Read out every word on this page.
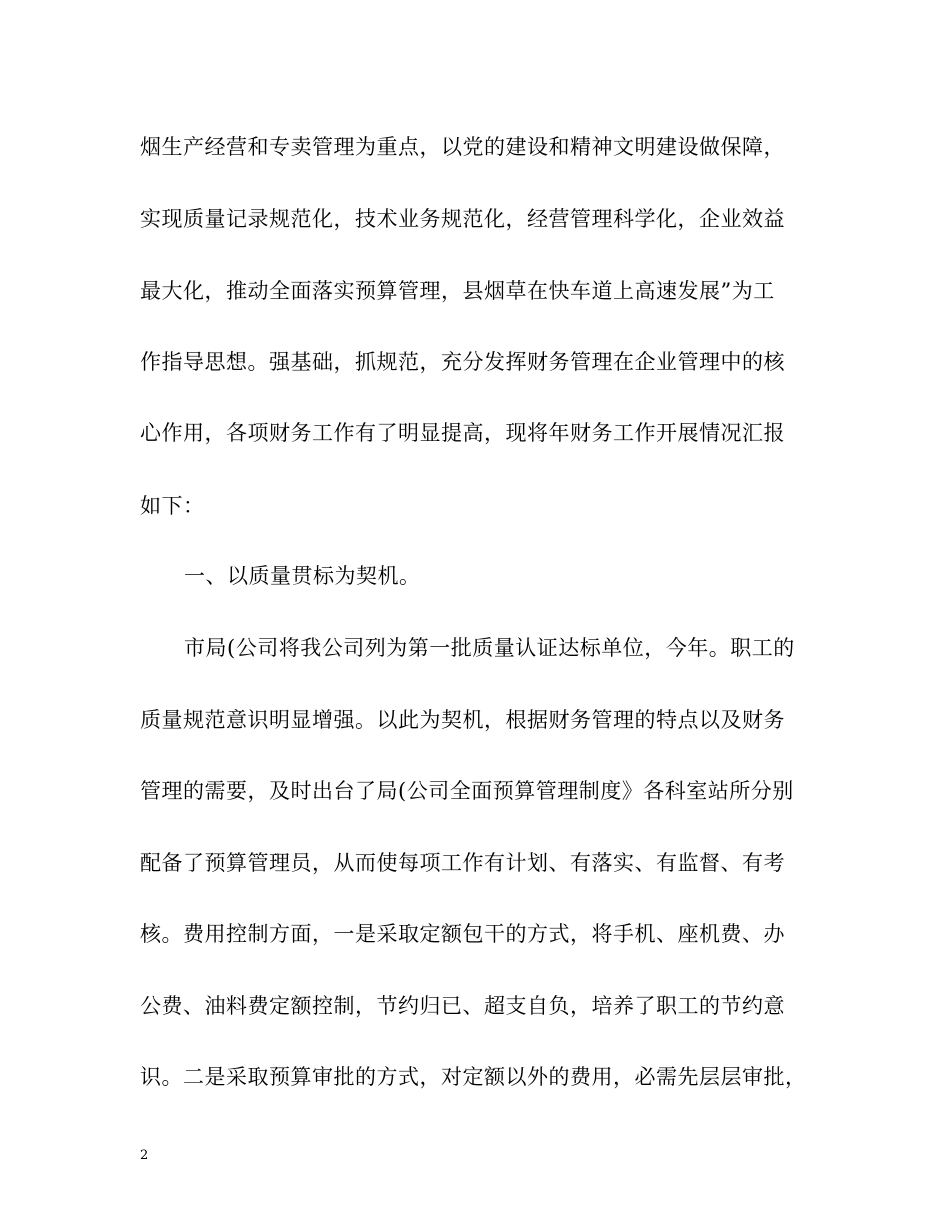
烟生产经营和专卖管理为重点，以党的建设和精神文明建设做保障，
实现质量记录规范化，技术业务规范化，经营管理科学化，企业效益
最大化，推动全面落实预算管理，县烟草在快车道上高速发展”为工
作指导思想。强基础，抓规范，充分发挥财务管理在企业管理中的核
心作用，各项财务工作有了明显提高，现将年财务工作开展情况汇报
如下：
一、以质量贯标为契机。
市局(公司将我公司列为第一批质量认证达标单位，今年。职工的
质量规范意识明显增强。以此为契机，根据财务管理的特点以及财务
管理的需要，及时出台了局(公司全面预算管理制度》各科室站所分别
配备了预算管理员，从而使每项工作有计划、有落实、有监督、有考
核。费用控制方面，一是采取定额包干的方式，将手机、座机费、办
公费、油料费定额控制，节约归已、超支自负，培养了职工的节约意
识。二是采取预算审批的方式，对定额以外的费用，必需先层层审批，
2
